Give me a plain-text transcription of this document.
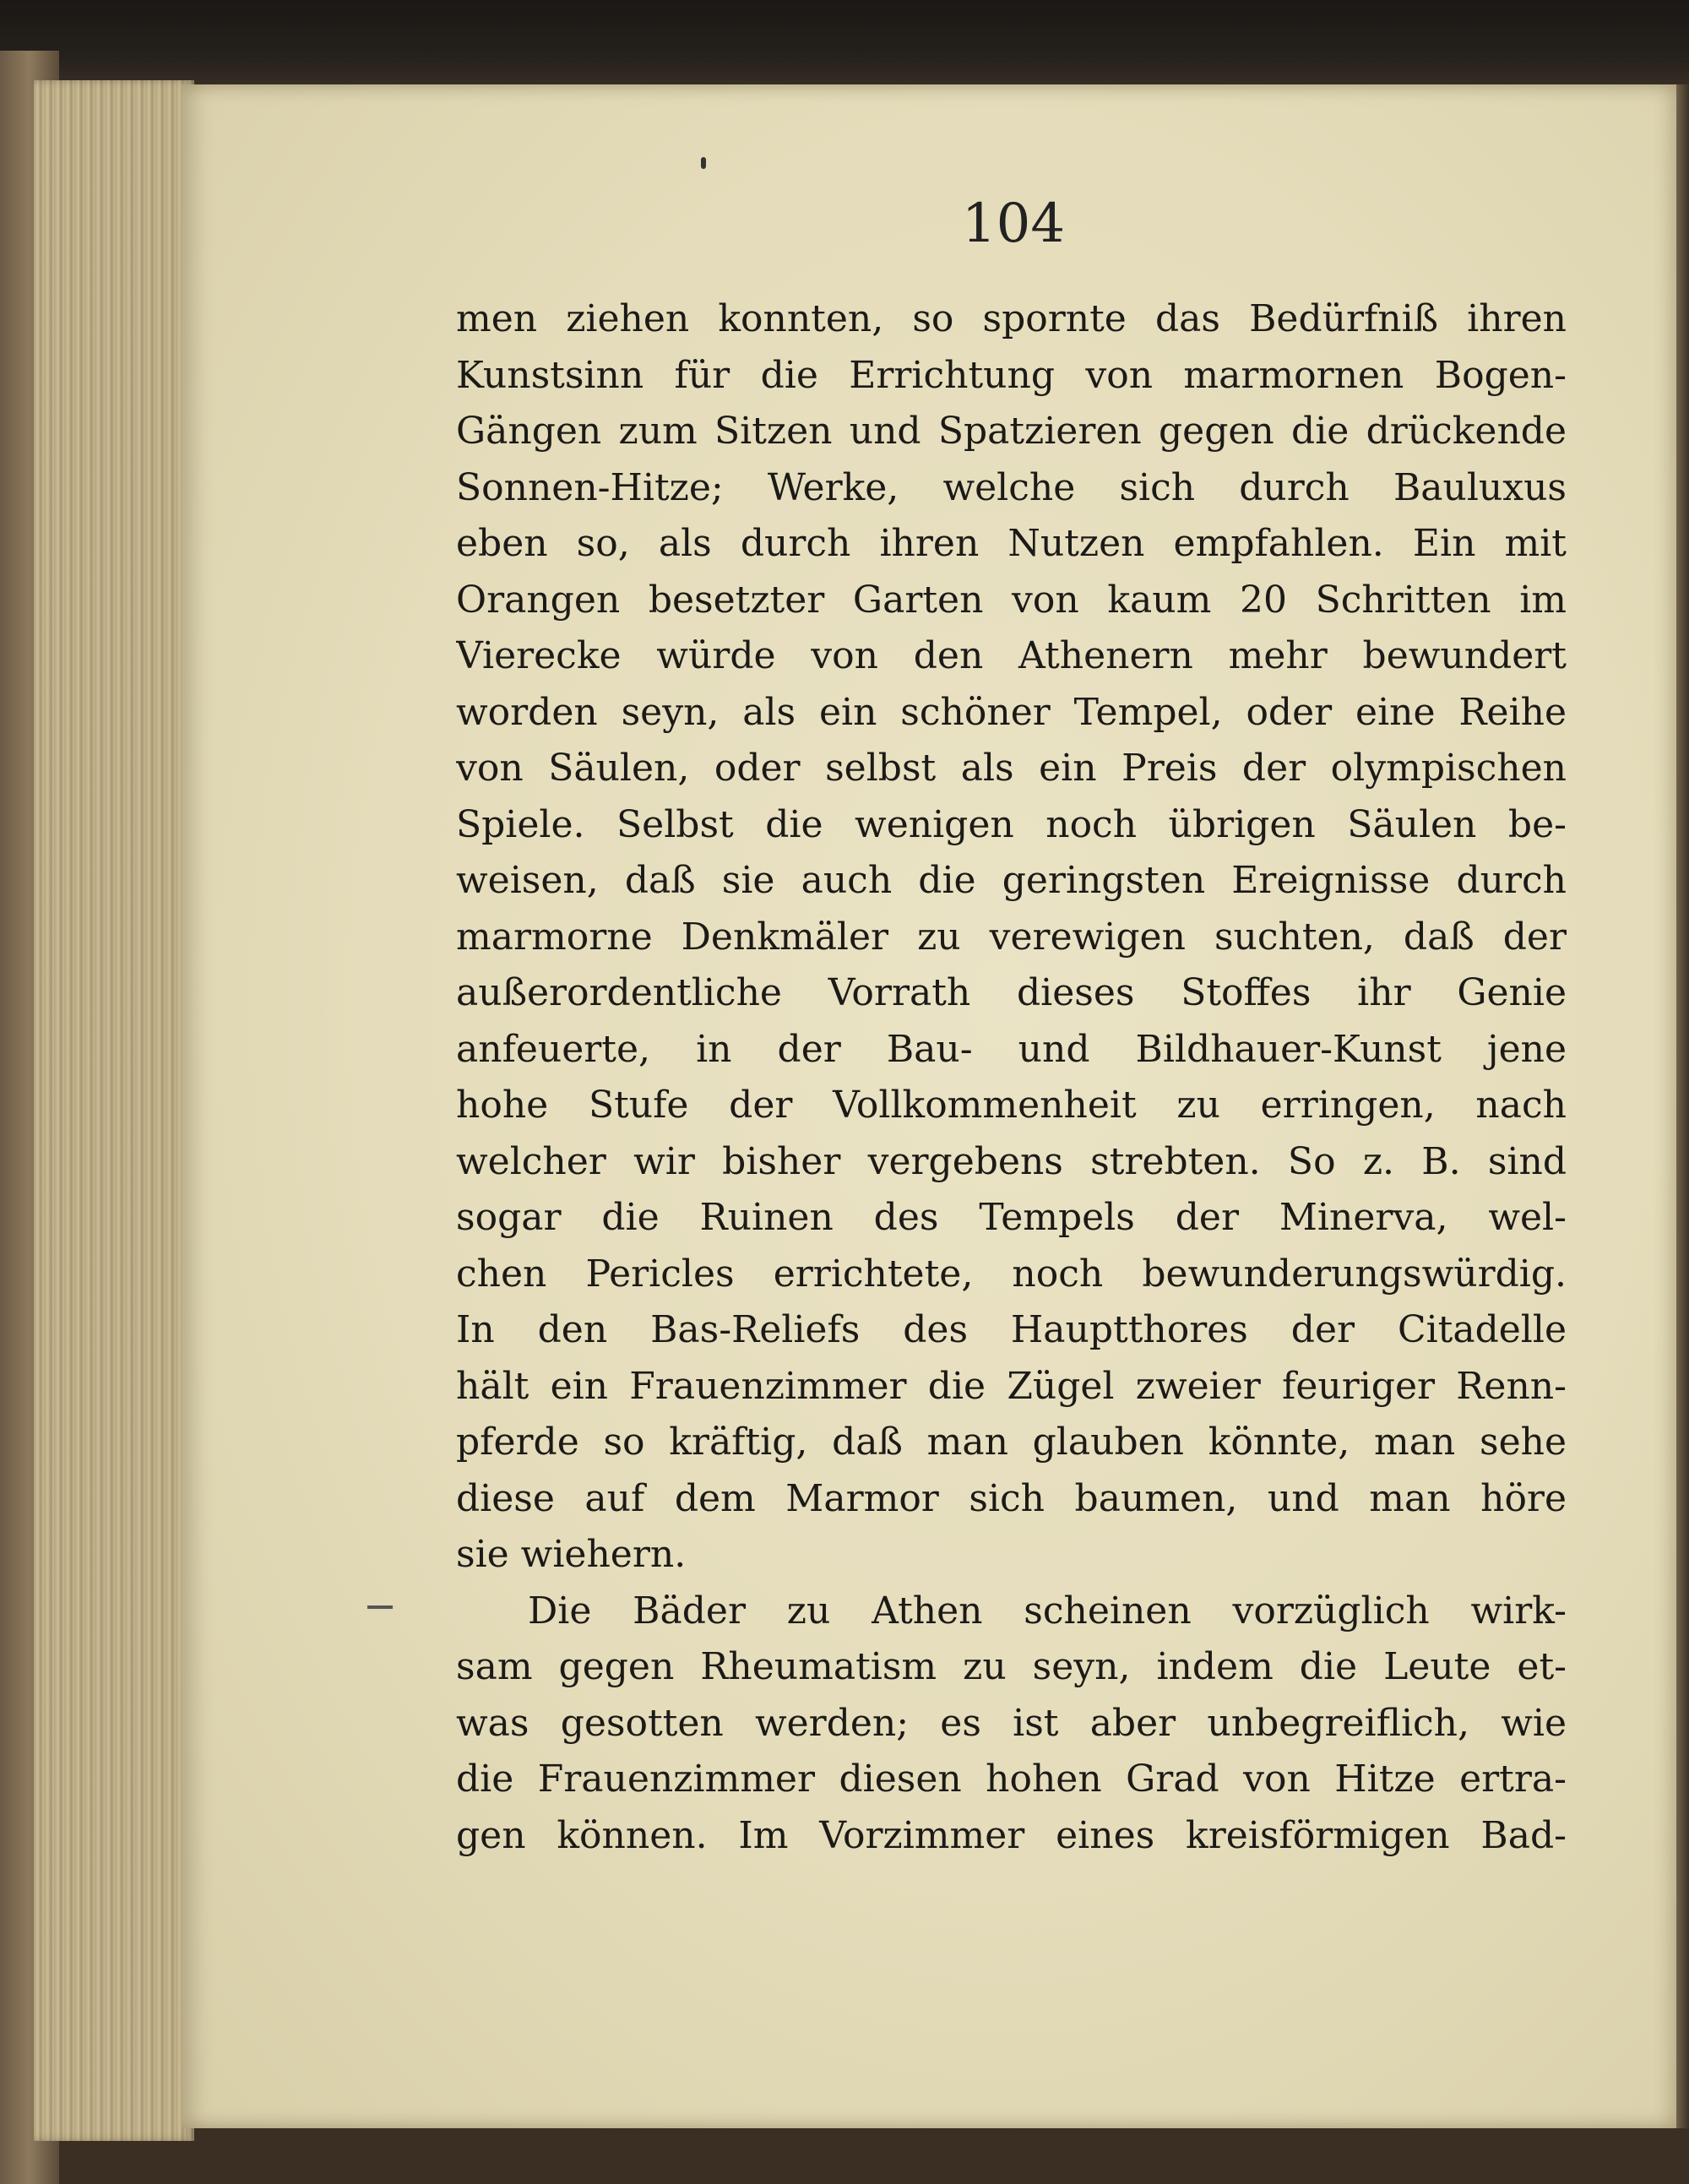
104
men ziehen konnten, so spornte das Bedürfniß ihren
Kunstsinn für die Errichtung von marmornen Bogen-
Gängen zum Sitzen und Spatzieren gegen die drückende
Sonnen-Hitze; Werke, welche sich durch Bauluxus
eben so, als durch ihren Nutzen empfahlen. Ein mit
Orangen besetzter Garten von kaum 20 Schritten im
Vierecke würde von den Athenern mehr bewundert
worden seyn, als ein schöner Tempel, oder eine Reihe
von Säulen, oder selbst als ein Preis der olympischen
Spiele. Selbst die wenigen noch übrigen Säulen be-
weisen, daß sie auch die geringsten Ereignisse durch
marmorne Denkmäler zu verewigen suchten, daß der
außerordentliche Vorrath dieses Stoffes ihr Genie
anfeuerte, in der Bau- und Bildhauer-Kunst jene
hohe Stufe der Vollkommenheit zu erringen, nach
welcher wir bisher vergebens strebten. So z. B. sind
sogar die Ruinen des Tempels der Minerva, wel-
chen Pericles errichtete, noch bewunderungswürdig.
In den Bas-Reliefs des Hauptthores der Citadelle
hält ein Frauenzimmer die Zügel zweier feuriger Renn-
pferde so kräftig, daß man glauben könnte, man sehe
diese auf dem Marmor sich baumen, und man höre
sie wiehern.
Die Bäder zu Athen scheinen vorzüglich wirk-
sam gegen Rheumatism zu seyn, indem die Leute et-
was gesotten werden; es ist aber unbegreiflich, wie
die Frauenzimmer diesen hohen Grad von Hitze ertra-
gen können. Im Vorzimmer eines kreisförmigen Bad-
